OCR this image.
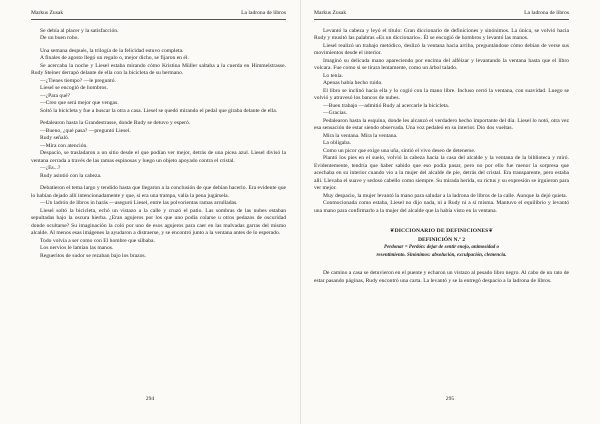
Markus Zusak	La ladrona de libros

Se debía al placer y la satisfacción.

De un buen robo.

Una semana después, la trilogía de la felicidad estuvo completa.

A finales de agosto llegó un regalo o, mejor dicho, se fijaron en él.

Se acercaba la noche y Liesel estaba mirando cómo Kristina Müller saltaba a la cuerda en Himmelstrasse. Rudy Steiner derrapó delante de ella con la bicicleta de su hermano.

—¿Tienes tiempo? —le preguntó.

Liesel se encogió de hombros.

—¿Para qué?

—Creo que será mejor que vengas.

Soltó la bicicleta y fue a buscar la otra a casa. Liesel se quedó mirando el pedal que giraba delante de ella.

Pedalearon hasta la Grandestrasse, donde Rudy se detuvo y esperó.

—Bueno, ¿qué pasa? —preguntó Liesel.

Rudy señaló.

—Mira con atención.

Despacio, se trasladaron a un sitio desde el que podían ver mejor, detrás de una picea azul. Liesel divisó la ventana cerrada a través de las ramas espinosas y luego un objeto apoyado contra el cristal.

—¿Es...?

Rudy asintió con la cabeza.

Debatieron el tema largo y tendido hasta que llegaron a la conclusión de que debían hacerlo. Era evidente que lo habían dejado allí intencionadamente y que, si era una trampa, valía la pena jugársela.

—Un ladrón de libros in harás —aseguró Liesel, entre las polvorientas ramas arrulladas.

Liesel soltó la bicicleta, echó un vistazo a la calle y cruzó el patio. Las sombras de las nubes estaban sepultadas bajo la oscura hierba. ¿Eran agujeros por los que uno podía colarse u otros pedazos de oscuridad donde ocultarse? Su imaginación la coló por uno de esos agujeros para caer en las malvadas garras del mismo alcalde. Al menos esas imágenes la ayudaron a distraerse, y se encontró junto a la ventana antes de lo esperado.

Todo volvía a ser como con El hombre que silbaba.

Los nervios le lamían las manos.

Regueritos de sudor se rezaban bajo los brazos.

294
Markus Zusak	La ladrona de libros

Levantó la cabeza y leyó el título: Gran diccionario de definiciones y sinónimos. La única, se volvió hacia Rudy y musitó las palabras «Es un diccionario». Él se encogió de hombros y levantó las manos.

Liesel realizó un trabajo metódico, deslizó la ventana hacia arriba, preguntándose cómo debían de verse sus movimientos desde el interior.

Imaginó su delicada mano apareciendo por encima del alféizar y levantando la ventana hasta que el libro volcara. Fue como si se tirara lentamente, como un árbol talado.

Lo tenía.

Apenas había hecho ruido.

El libro se inclinó hacia ella y lo cogió con la mano libre. Incluso cerró la ventana, con suavidad. Luego se volvió y atravesó los bancos de nubes.

—Buen trabajo —admitió Rudy al acercarle la bicicleta.

—Gracias.

Pedalearon hasta la esquina, donde les alcanzó el verdadero hecho importante del día. Liesel lo notó, otra vez esa sensación de estar siendo observada. Una voz pedaleó en su interior. Dio dos vueltas.

Mira la ventana. Mira la ventana.

La obligaba.

Como un picor que exige una uña, sintió el vivo deseo de detenerse.

Plantó los pies en el suelo, volvió la cabeza hacia la casa del alcalde y la ventana de la biblioteca y miró. Evidentemente, tendría que haber sabido que eso podía pasar, pero no por ello fue menor la sorpresa que acechaba en su interior cuando vio a la mujer del alcalde de pie, detrás del cristal. Era transparente, pero estaba allí. Llevaba el suave y sedoso cabello como siempre. Su mirada herida, su rictus y su expresión se irguieron para ver mejor.

Muy despacio, la mujer levantó la mano para saludar a la ladrona de libros de la calle. Aunque la dejó quieta.

Conmocionada como estaba, Liesel no dijo nada, ni a Rudy ni a sí misma. Mantuvo el equilibrio y levantó una mano para confirmarlo a la mujer del alcalde que la había visto en la ventana.

❦DICCIONARIO DE DEFINICIONES❦
DEFINICIÓN N.º 2
Perdonar = Perdón: dejar de sentir enojo, animosidad o
resentimiento. Sinónimos: absolución, exculpación, clemencia.

De camino a casa se detuvieron en el puente y echaron un vistazo al pesado libro negro. Al cabo de un rato de estar pasando páginas, Rudy encontró una carta. La levantó y se la entregó despacio a la ladrona de libros.

295
